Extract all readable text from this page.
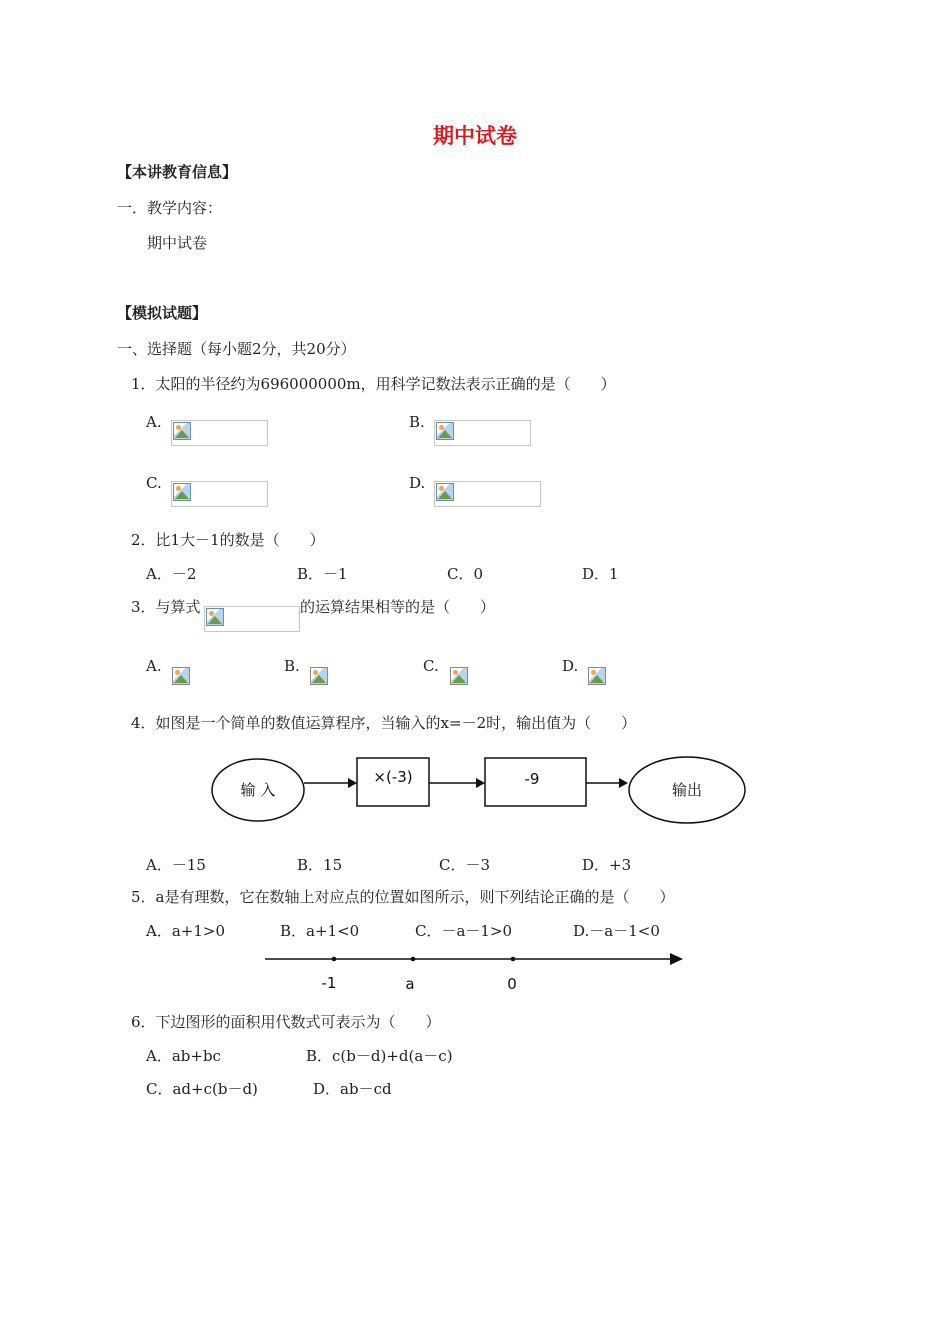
期中试卷
【本讲教育信息】
一．教学内容：
期中试卷
【模拟试题】
一、选择题（每小题2分，共20分）
1．太阳的半径约为696000000m，用科学记数法表示正确的是（　　）
A.	B.
C.	D.
2．比1大－1的数是（　　）
A．－2	B．－1	C．0	D．1
3．与算式	的运算结果相等的是（　　）
A.	B.	C.	D.
4．如图是一个简单的数值运算程序，当输入的x=－2时，输出值为（　　）
输 入
×(-3)	-9
输出
A．－15	B．15	C．－3	D．+3
5．a是有理数，它在数轴上对应点的位置如图所示，则下列结论正确的是（　　）
A．a+1>0	B．a+1<0	C．－a－1>0	D.－a－1<0
-1	a	0
6．下边图形的面积用代数式可表示为（　　）
A．ab+bc	B．c(b－d)+d(a－c)
C．ad+c(b－d)	D．ab－cd
